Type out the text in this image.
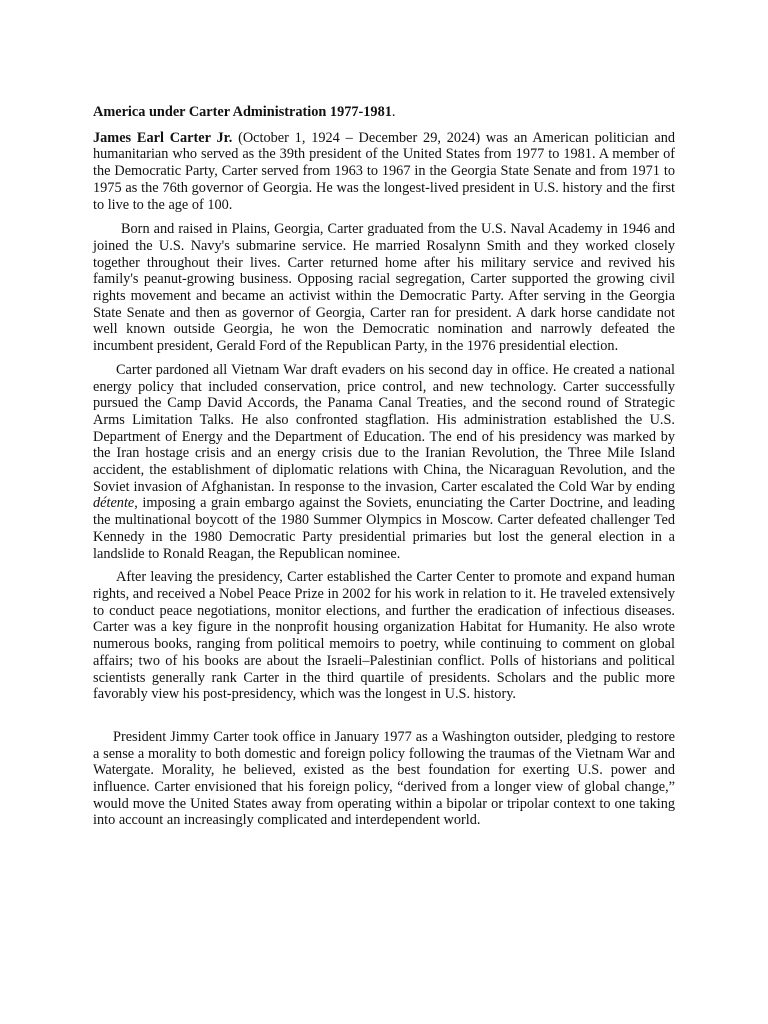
America under Carter Administration 1977-1981.

James Earl Carter Jr. (October 1, 1924 – December 29, 2024) was an American politician and humanitarian who served as the 39th president of the United States from 1977 to 1981. A member of the Democratic Party, Carter served from 1963 to 1967 in the Georgia State Senate and from 1971 to 1975 as the 76th governor of Georgia. He was the longest-lived president in U.S. history and the first to live to the age of 100.

Born and raised in Plains, Georgia, Carter graduated from the U.S. Naval Academy in 1946 and joined the U.S. Navy's submarine service. He married Rosalynn Smith and they worked closely together throughout their lives. Carter returned home after his military service and revived his family's peanut-growing business. Opposing racial segregation, Carter supported the growing civil rights movement and became an activist within the Democratic Party. After serving in the Georgia State Senate and then as governor of Georgia, Carter ran for president. A dark horse candidate not well known outside Georgia, he won the Democratic nomination and narrowly defeated the incumbent president, Gerald Ford of the Republican Party, in the 1976 presidential election.

Carter pardoned all Vietnam War draft evaders on his second day in office. He created a national energy policy that included conservation, price control, and new technology. Carter successfully pursued the Camp David Accords, the Panama Canal Treaties, and the second round of Strategic Arms Limitation Talks. He also confronted stagflation. His administration established the U.S. Department of Energy and the Department of Education. The end of his presidency was marked by the Iran hostage crisis and an energy crisis due to the Iranian Revolution, the Three Mile Island accident, the establishment of diplomatic relations with China, the Nicaraguan Revolution, and the Soviet invasion of Afghanistan. In response to the invasion, Carter escalated the Cold War by ending détente, imposing a grain embargo against the Soviets, enunciating the Carter Doctrine, and leading the multinational boycott of the 1980 Summer Olympics in Moscow. Carter defeated challenger Ted Kennedy in the 1980 Democratic Party presidential primaries but lost the general election in a landslide to Ronald Reagan, the Republican nominee.

After leaving the presidency, Carter established the Carter Center to promote and expand human rights, and received a Nobel Peace Prize in 2002 for his work in relation to it. He traveled extensively to conduct peace negotiations, monitor elections, and further the eradication of infectious diseases. Carter was a key figure in the nonprofit housing organization Habitat for Humanity. He also wrote numerous books, ranging from political memoirs to poetry, while continuing to comment on global affairs; two of his books are about the Israeli–Palestinian conflict. Polls of historians and political scientists generally rank Carter in the third quartile of presidents. Scholars and the public more favorably view his post-presidency, which was the longest in U.S. history.

President Jimmy Carter took office in January 1977 as a Washington outsider, pledging to restore a sense a morality to both domestic and foreign policy following the traumas of the Vietnam War and Watergate. Morality, he believed, existed as the best foundation for exerting U.S. power and influence. Carter envisioned that his foreign policy, “derived from a longer view of global change,” would move the United States away from operating within a bipolar or tripolar context to one taking into account an increasingly complicated and interdependent world.
